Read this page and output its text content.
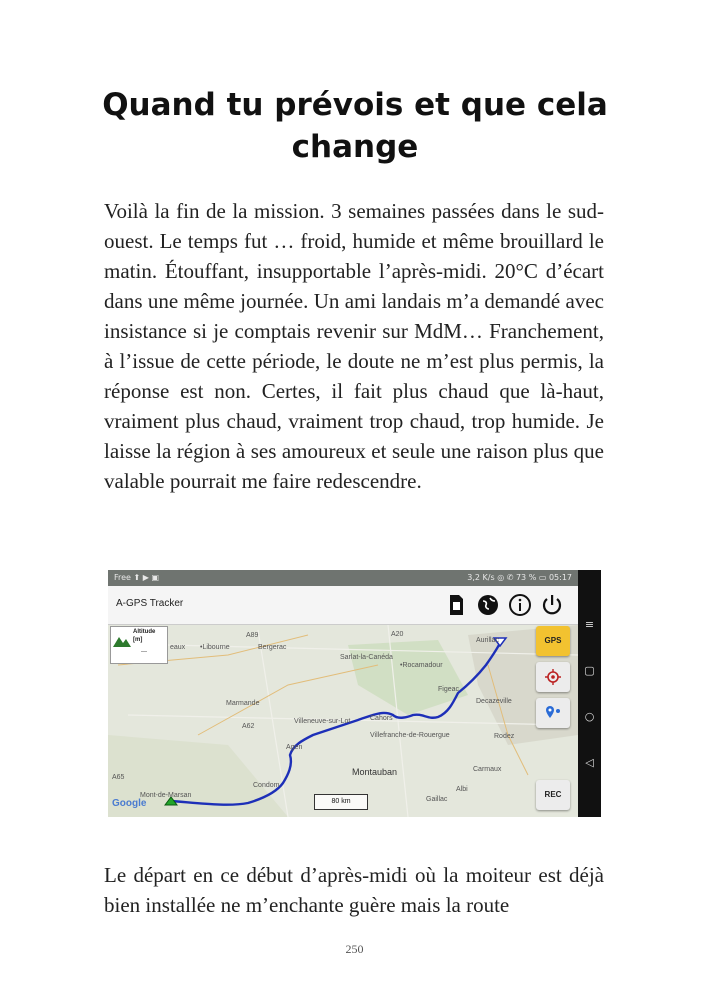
Quand tu prévois et que cela change

Voilà la fin de la mission. 3 semaines passées dans le sud-ouest. Le temps fut … froid, humide et même brouillard le matin. Étouffant, insupportable l’après-midi. 20°C d’écart dans une même journée. Un ami landais m’a demandé avec insistance si je comptais revenir sur MdM… Franchement, à l’issue de cette période, le doute ne m’est plus permis, la réponse est non. Certes, il fait plus chaud que là-haut, vraiment plus chaud, vraiment trop chaud, trop humide. Je laisse la région à ses amoureux et seule une raison plus que valable pourrait me faire redescendre.

Free ⬆ ▶ ▣	3,2 K/s ◎ ✆ 73 % ▭ 05:17
A-GPS Tracker
eaux •Libourne	Bergerac
Sarlat-la-Canéda
•Rocamadour
Figeac
Aurillac
Decazeville
Marmande
Villeneuve-sur-Lot	Cahors
Villefranche-de-Rouergue	Rodez
Agen
Montauban	Carmaux
Albi
Gaillac
Condom
Mont-de-Marsan
A89	A20
A62
A65
Altitude
[m]
---
GPS
REC
80 km
Google
≡
▢
○
◁

Le départ en ce début d’après-midi où la moiteur est déjà bien installée ne m’enchante guère mais la route

250
